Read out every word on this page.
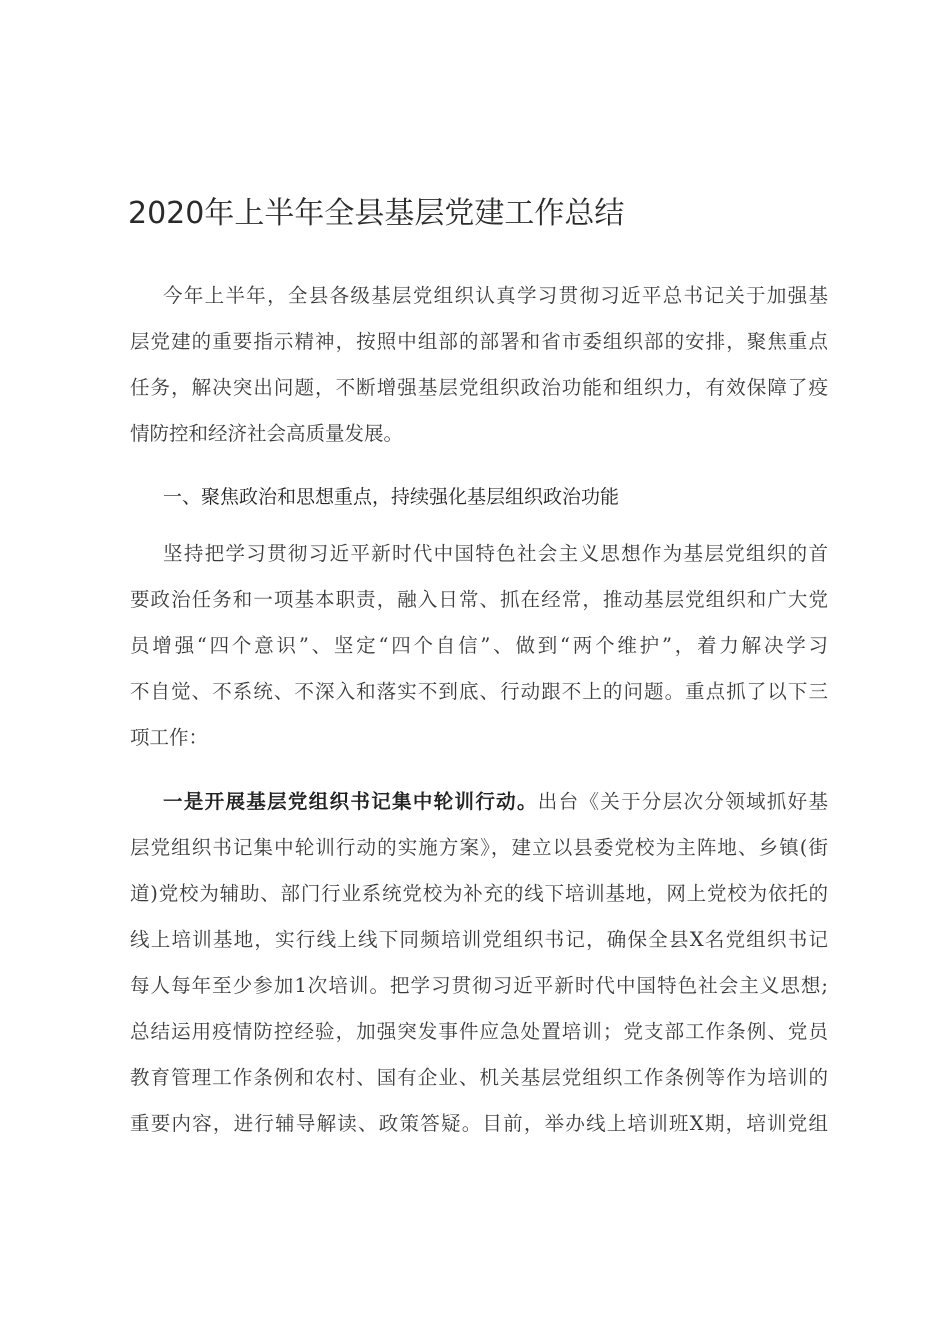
2020年上半年全县基层党建工作总结
今年上半年，全县各级基层党组织认真学习贯彻习近平总书记关于加强基
层党建的重要指示精神，按照中组部的部署和省市委组织部的安排，聚焦重点
任务，解决突出问题，不断增强基层党组织政治功能和组织力，有效保障了疫
情防控和经济社会高质量发展。
一、聚焦政治和思想重点，持续强化基层组织政治功能
坚持把学习贯彻习近平新时代中国特色社会主义思想作为基层党组织的首
要政治任务和一项基本职责，融入日常、抓在经常，推动基层党组织和广大党
员增强“四个意识”、坚定“四个自信”、做到“两个维护”，着力解决学习
不自觉、不系统、不深入和落实不到底、行动跟不上的问题。重点抓了以下三
项工作：
一是开展基层党组织书记集中轮训行动。出台《关于分层次分领域抓好基
层党组织书记集中轮训行动的实施方案》，建立以县委党校为主阵地、乡镇(街
道)党校为辅助、部门行业系统党校为补充的线下培训基地，网上党校为依托的
线上培训基地，实行线上线下同频培训党组织书记，确保全县X名党组织书记
每人每年至少参加1次培训。把学习贯彻习近平新时代中国特色社会主义思想;
总结运用疫情防控经验，加强突发事件应急处置培训；党支部工作条例、党员
教育管理工作条例和农村、国有企业、机关基层党组织工作条例等作为培训的
重要内容，进行辅导解读、政策答疑。目前，举办线上培训班X期，培训党组
